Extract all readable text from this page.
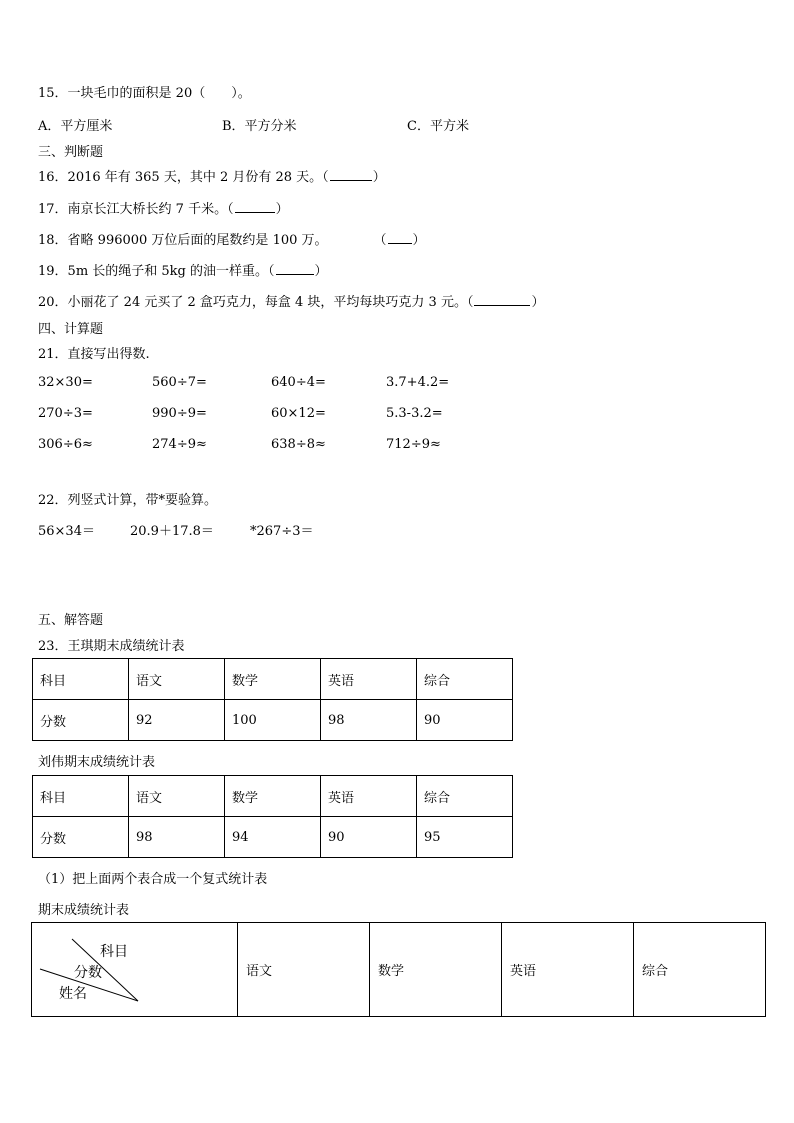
15．一块毛巾的面积是 20（　　）。
A．平方厘米	B．平方分米	C．平方米
三、判断题
16．2016 年有 365 天，其中 2 月份有 28 天。（	）
17．南京长江大桥长约 7 千米。（	）
18．省略 996000 万位后面的尾数约是 100 万。	（ ）
19．5m 长的绳子和 5kg 的油一样重。（	）
20．小丽花了 24 元买了 2 盒巧克力，每盒 4 块，平均每块巧克力 3 元。（	）
四、计算题
21．直接写出得数.
32×30=	560÷7=	640÷4=	3.7+4.2=
270÷3=	990÷9=	60×12=	5.3-3.2=
306÷6≈	274÷9≈	638÷8≈	712÷9≈
22．列竖式计算，带*要验算。
56×34＝	20.9＋17.8＝	*267÷3＝
五、解答题
23．王琪期末成绩统计表
科目	语文	数学	英语	综合
分数	92	100	98	90
刘伟期末成绩统计表
科目	语文	数学	英语	综合
分数	98	94	90	95
（1）把上面两个表合成一个复式统计表
期末成绩统计表
科目
分数
姓名
	语文	数学	英语	综合
